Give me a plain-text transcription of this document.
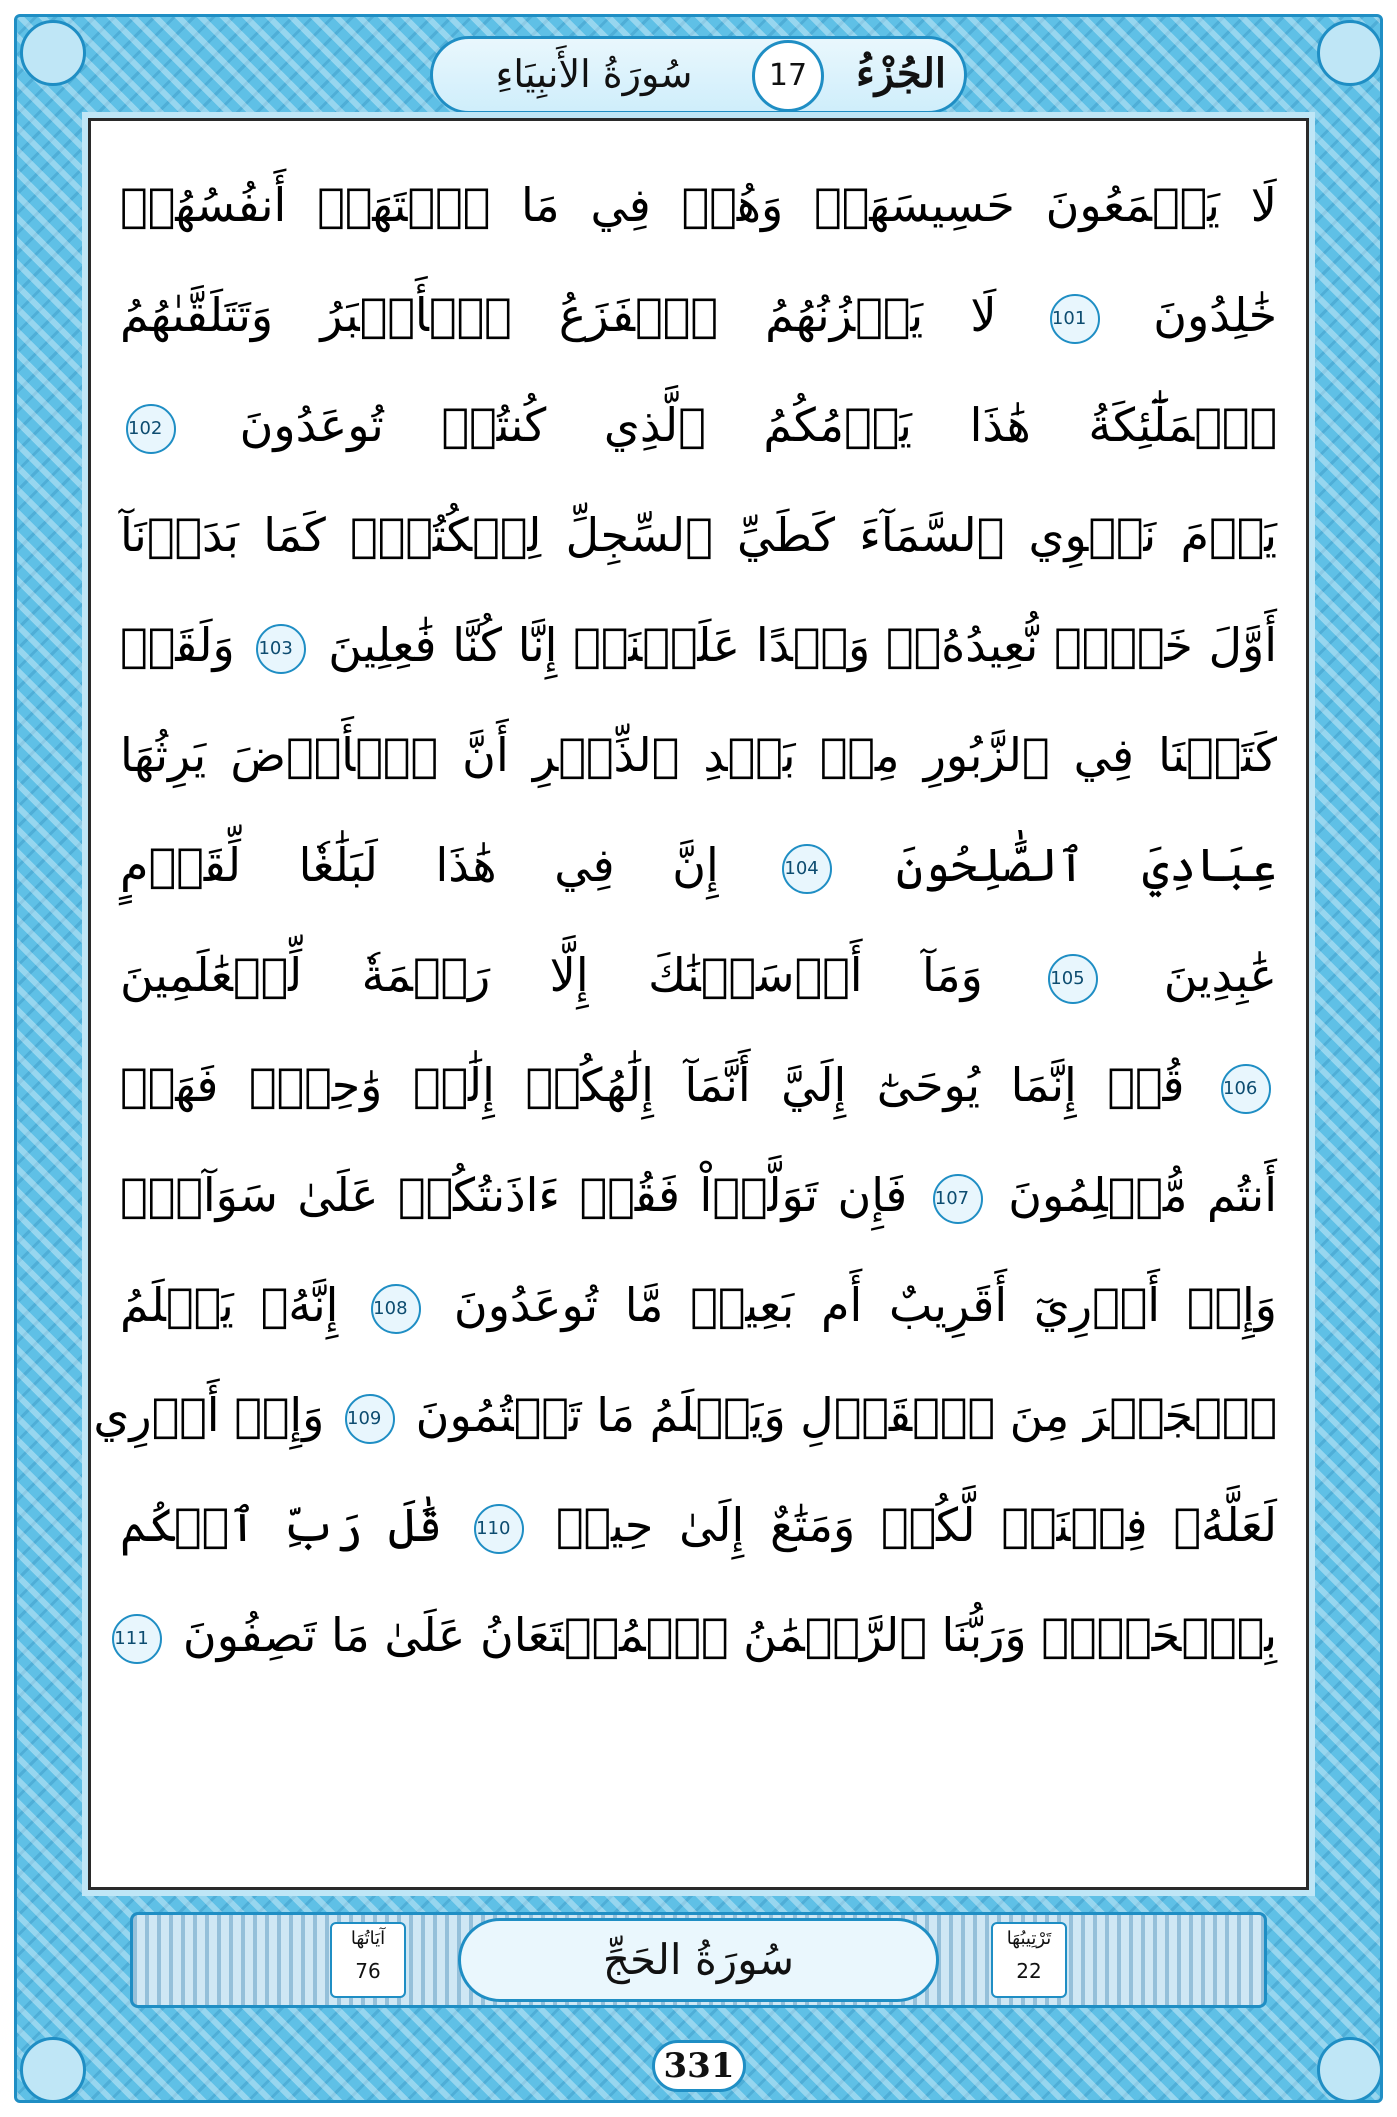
الجُزْءُ
17
سُورَةُ الأَنبِيَاءِ
لَا يَسۡمَعُونَ حَسِيسَهَاۖ وَهُمۡ فِي مَا ٱشۡتَهَتۡ أَنفُسُهُمۡ
خَٰلِدُونَ 101 لَا يَحۡزُنُهُمُ ٱلۡفَزَعُ ٱلۡأَكۡبَرُ وَتَتَلَقَّىٰهُمُ
ٱلۡمَلَٰٓئِكَةُ هَٰذَا يَوۡمُكُمُ ٱلَّذِي كُنتُمۡ تُوعَدُونَ 102
يَوۡمَ نَطۡوِي ٱلسَّمَآءَ كَطَيِّ ٱلسِّجِلِّ لِلۡكُتُبِۚ كَمَا بَدَأۡنَآ
أَوَّلَ خَلۡقٖ نُّعِيدُهُۥۚ وَعۡدًا عَلَيۡنَآۚ إِنَّا كُنَّا فَٰعِلِينَ 103 وَلَقَدۡ
كَتَبۡنَا فِي ٱلزَّبُورِ مِنۢ بَعۡدِ ٱلذِّكۡرِ أَنَّ ٱلۡأَرۡضَ يَرِثُهَا
عِبَادِيَ ٱلصَّٰلِحُونَ 104 إِنَّ فِي هَٰذَا لَبَلَٰغٗا لِّقَوۡمٍ
عَٰبِدِينَ 105 وَمَآ أَرۡسَلۡنَٰكَ إِلَّا رَحۡمَةٗ لِّلۡعَٰلَمِينَ
106 قُلۡ إِنَّمَا يُوحَىٰٓ إِلَيَّ أَنَّمَآ إِلَٰهُكُمۡ إِلَٰهٞ وَٰحِدٞۖ فَهَلۡ
أَنتُم مُّسۡلِمُونَ 107 فَإِن تَوَلَّوۡاْ فَقُلۡ ءَاذَنتُكُمۡ عَلَىٰ سَوَآءٖۖ
وَإِنۡ أَدۡرِيٓ أَقَرِيبٌ أَم بَعِيدٞ مَّا تُوعَدُونَ 108 إِنَّهُۥ يَعۡلَمُ
ٱلۡجَهۡرَ مِنَ ٱلۡقَوۡلِ وَيَعۡلَمُ مَا تَكۡتُمُونَ 109 وَإِنۡ أَدۡرِي
لَعَلَّهُۥ فِتۡنَةٞ لَّكُمۡ وَمَتَٰعٌ إِلَىٰ حِينٖ 110 قَٰلَ رَبِّ ٱحۡكُم
بِٱلۡحَقِّۗ وَرَبُّنَا ٱلرَّحۡمَٰنُ ٱلۡمُسۡتَعَانُ عَلَىٰ مَا تَصِفُونَ 111
سُورَةُ الحَجِّ
آيَاتُهَا
76
تَرْتِيبُهَا
22
331
